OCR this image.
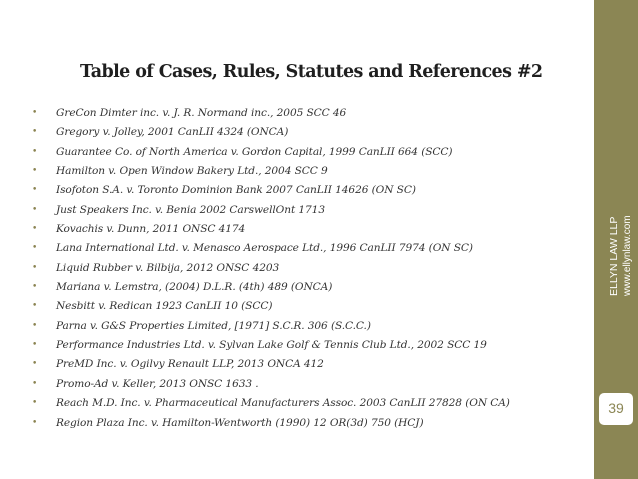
Table of Cases, Rules, Statutes and References #2
• GreCon Dimter inc. v. J. R. Normand inc., 2005 SCC 46
• Gregory v. Jolley, 2001 CanLII 4324 (ONCA)
• Guarantee Co. of North America v. Gordon Capital, 1999 CanLII 664 (SCC)
• Hamilton v. Open Window Bakery Ltd., 2004 SCC 9
• Isofoton S.A. v. Toronto Dominion Bank 2007 CanLII 14626 (ON SC)
• Just Speakers Inc. v. Benia 2002 CarswellOnt 1713
• Kovachis v. Dunn, 2011 ONSC 4174
• Lana International Ltd. v. Menasco Aerospace Ltd., 1996 CanLII 7974 (ON SC)
• Liquid Rubber v. Bilbija, 2012 ONSC 4203
• Mariana v. Lemstra, (2004) D.L.R. (4th) 489 (ONCA)
• Nesbitt v. Redican 1923 CanLII 10 (SCC)
• Parna v. G&S Properties Limited, [1971] S.C.R. 306 (S.C.C.)
• Performance Industries Ltd. v. Sylvan Lake Golf & Tennis Club Ltd., 2002 SCC 19
• PreMD Inc. v. Ogilvy Renault LLP, 2013 ONCA 412
• Promo-Ad v. Keller, 2013 ONSC 1633 .
• Reach M.D. Inc. v. Pharmaceutical Manufacturers Assoc. 2003 CanLII 27828 (ON CA)
• Region Plaza Inc. v. Hamilton-Wentworth (1990) 12 OR(3d) 750 (HCJ)
ELLYN LAW LLP www.ellynlaw.com
39
